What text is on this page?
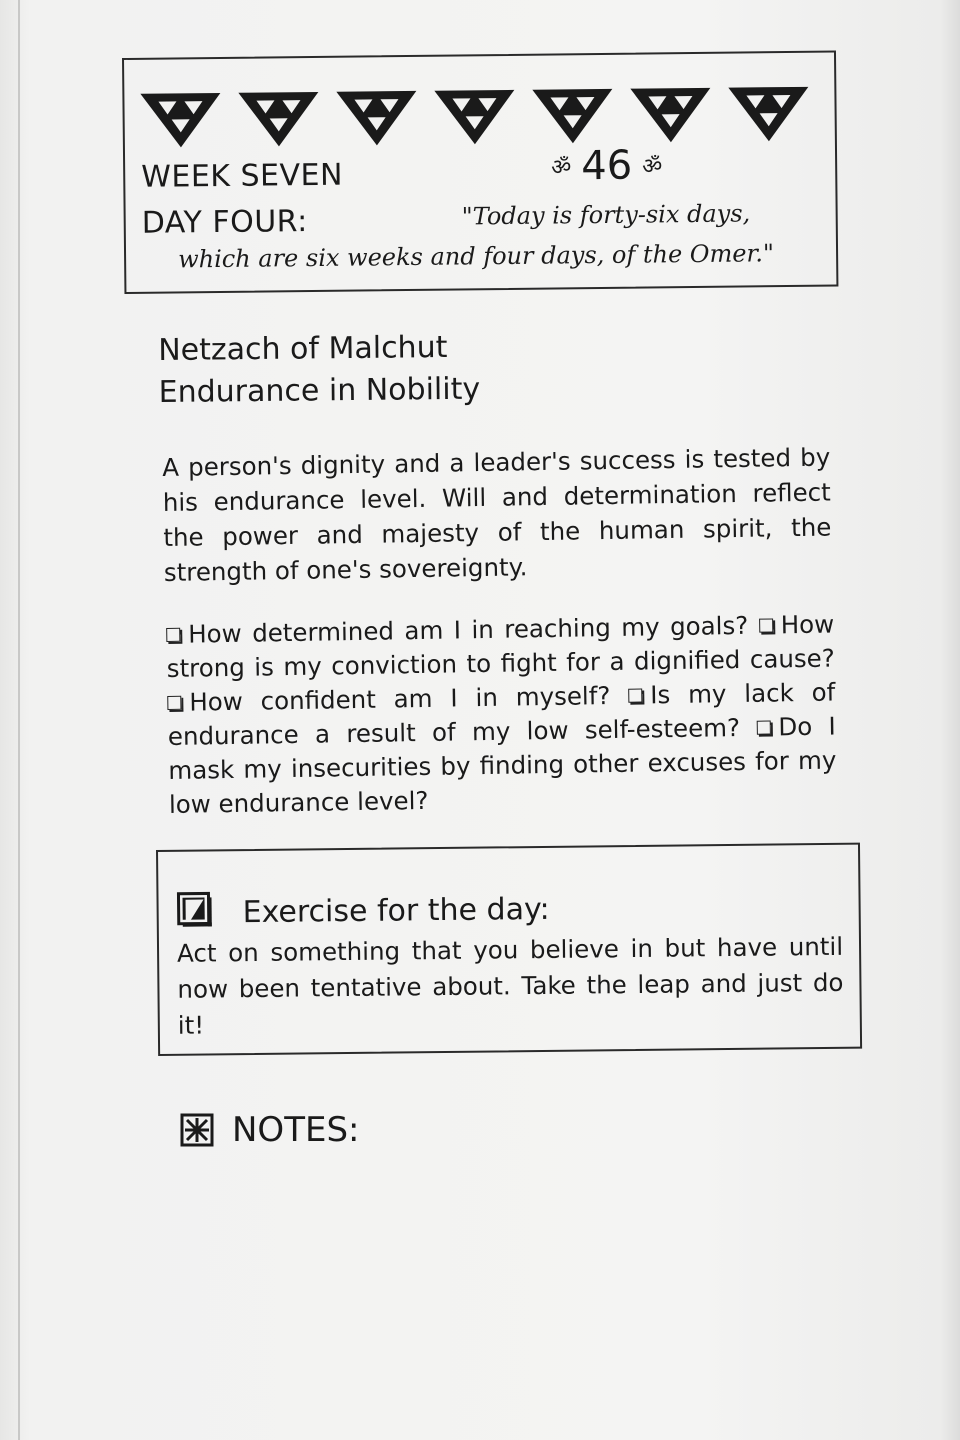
WEEK SEVEN
DAY FOUR:
ॐ 46 ॐ
"Today is forty-six days,
which are six weeks and four days, of the Omer."
Netzach of Malchut
Endurance in Nobility
A person's dignity and a leader's success is tested by his endurance level. Will and determination reflect the power and majesty of the human spirit, the strength of one's sovereignty.
How determined am I in reaching my goals? How strong is my conviction to fight for a dignified cause? How confident am I in myself? Is my lack of endurance a result of my low self-esteem? Do I mask my insecurities by finding other excuses for my low endurance level?
Exercise for the day:
Act on something that you believe in but have until now been tentative about. Take the leap and just do it!
NOTES:
